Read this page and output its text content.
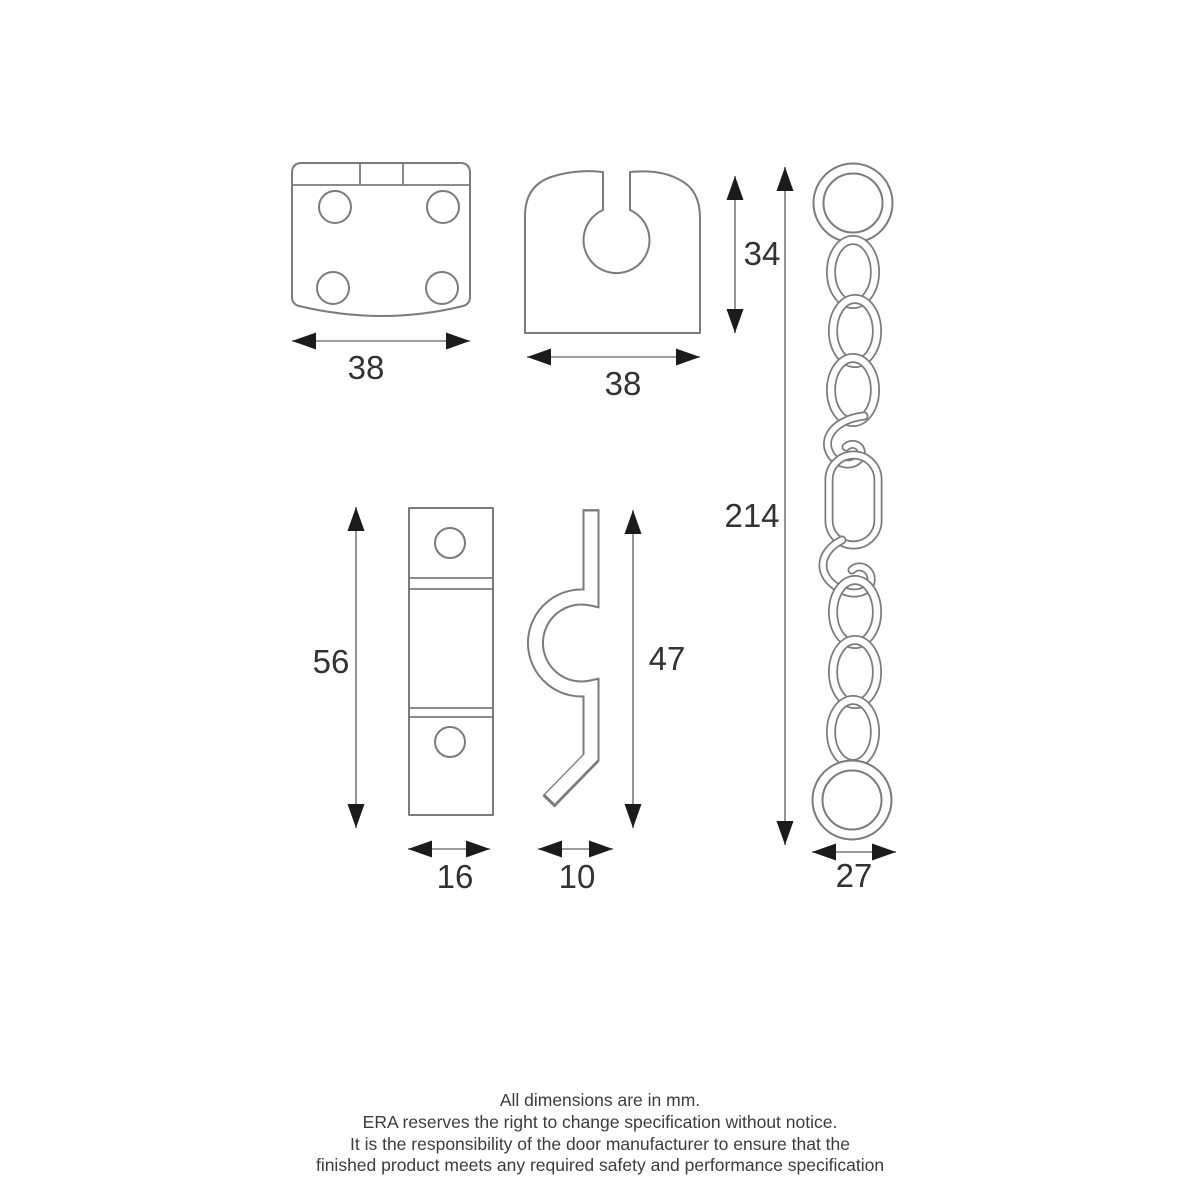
38	38
34
214
56	47
16	10	27
All dimensions are in mm.
ERA reserves the right to change specification without notice.
It is the responsibility of the door manufacturer to ensure that the
finished product meets any required safety and performance specification
